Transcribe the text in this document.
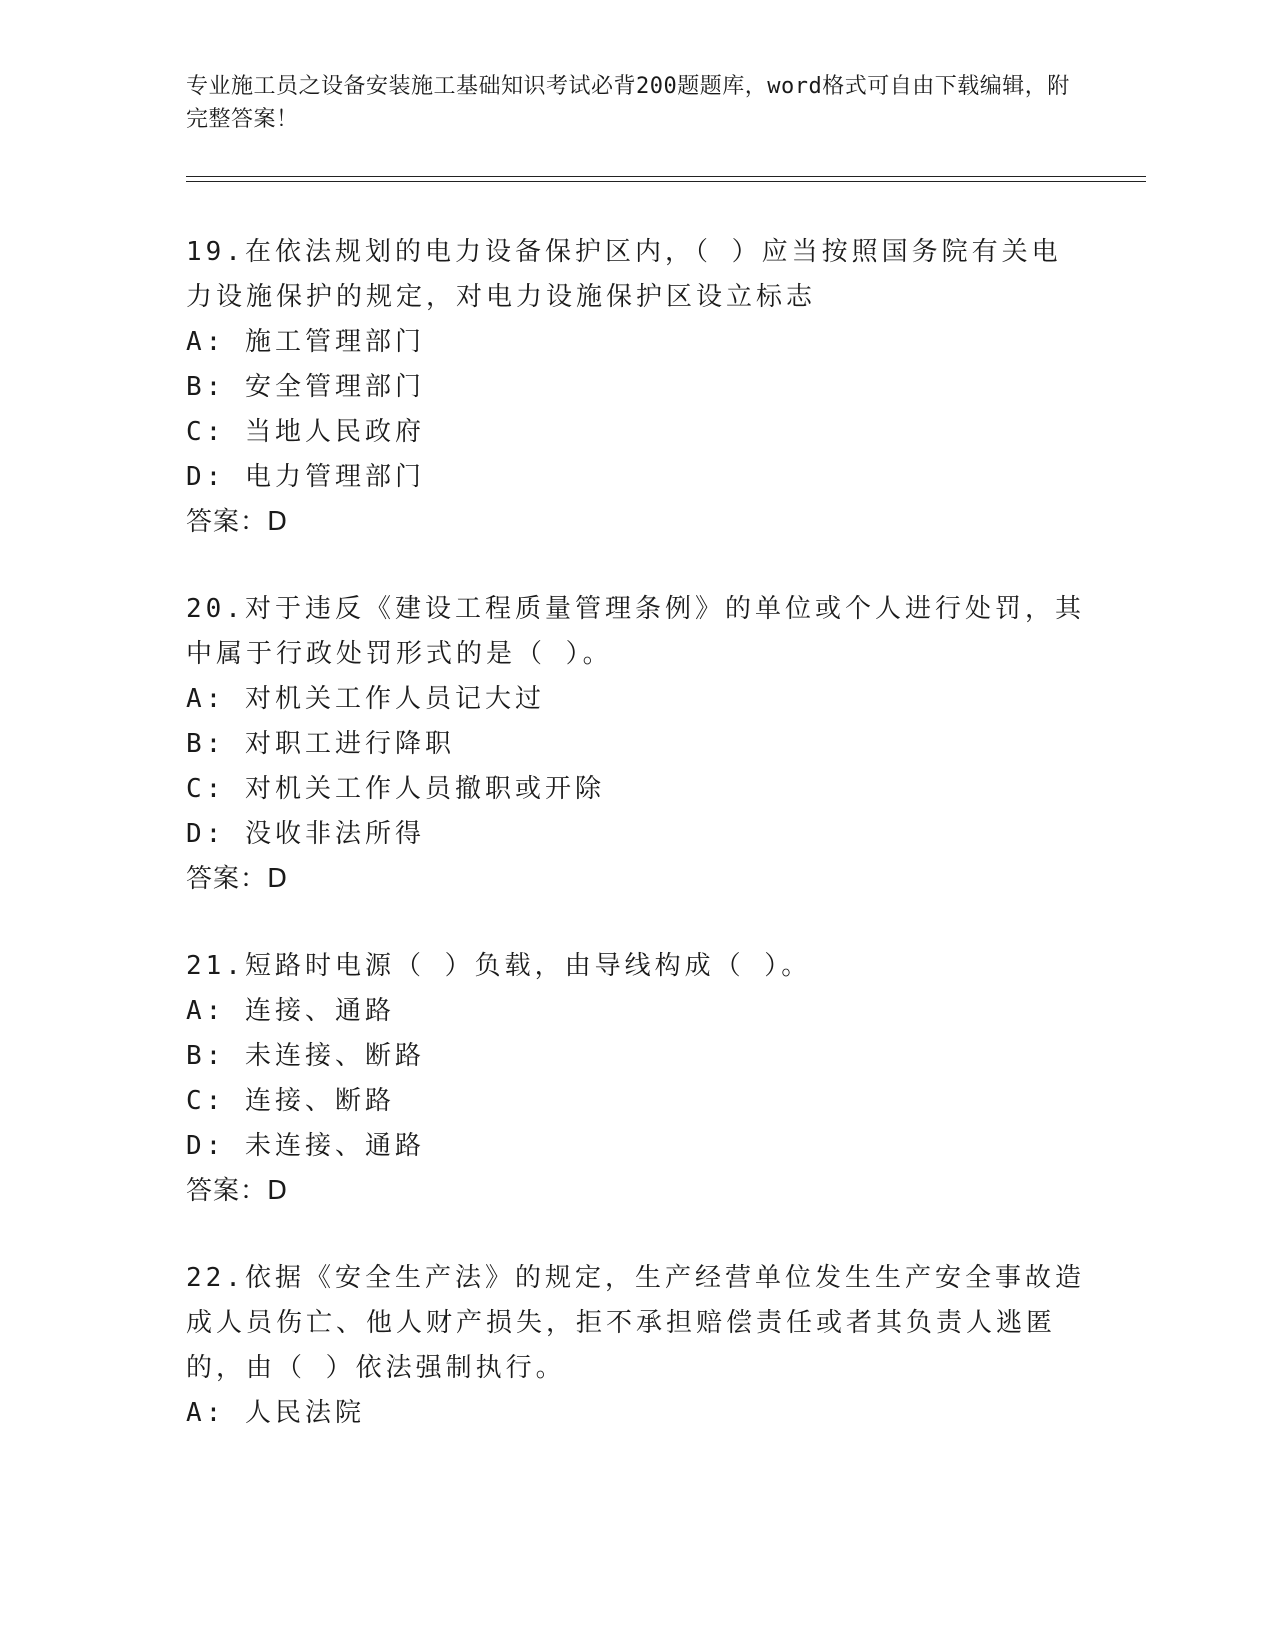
专业施工员之设备安装施工基础知识考试必背200题题库，word格式可自由下载编辑，附完整答案！
19.在依法规划的电力设备保护区内，（ ）应当按照国务院有关电力设施保护的规定，对电力设施保护区设立标志
A: 施工管理部门
B: 安全管理部门
C: 当地人民政府
D: 电力管理部门
答案：D
20.对于违反《建设工程质量管理条例》的单位或个人进行处罚，其中属于行政处罚形式的是（ ）。
A: 对机关工作人员记大过
B: 对职工进行降职
C: 对机关工作人员撤职或开除
D: 没收非法所得
答案：D
21.短路时电源（ ）负载，由导线构成（ ）。
A: 连接、通路
B: 未连接、断路
C: 连接、断路
D: 未连接、通路
答案：D
22.依据《安全生产法》的规定，生产经营单位发生生产安全事故造成人员伤亡、他人财产损失，拒不承担赔偿责任或者其负责人逃匿的，由（ ）依法强制执行。
A: 人民法院
